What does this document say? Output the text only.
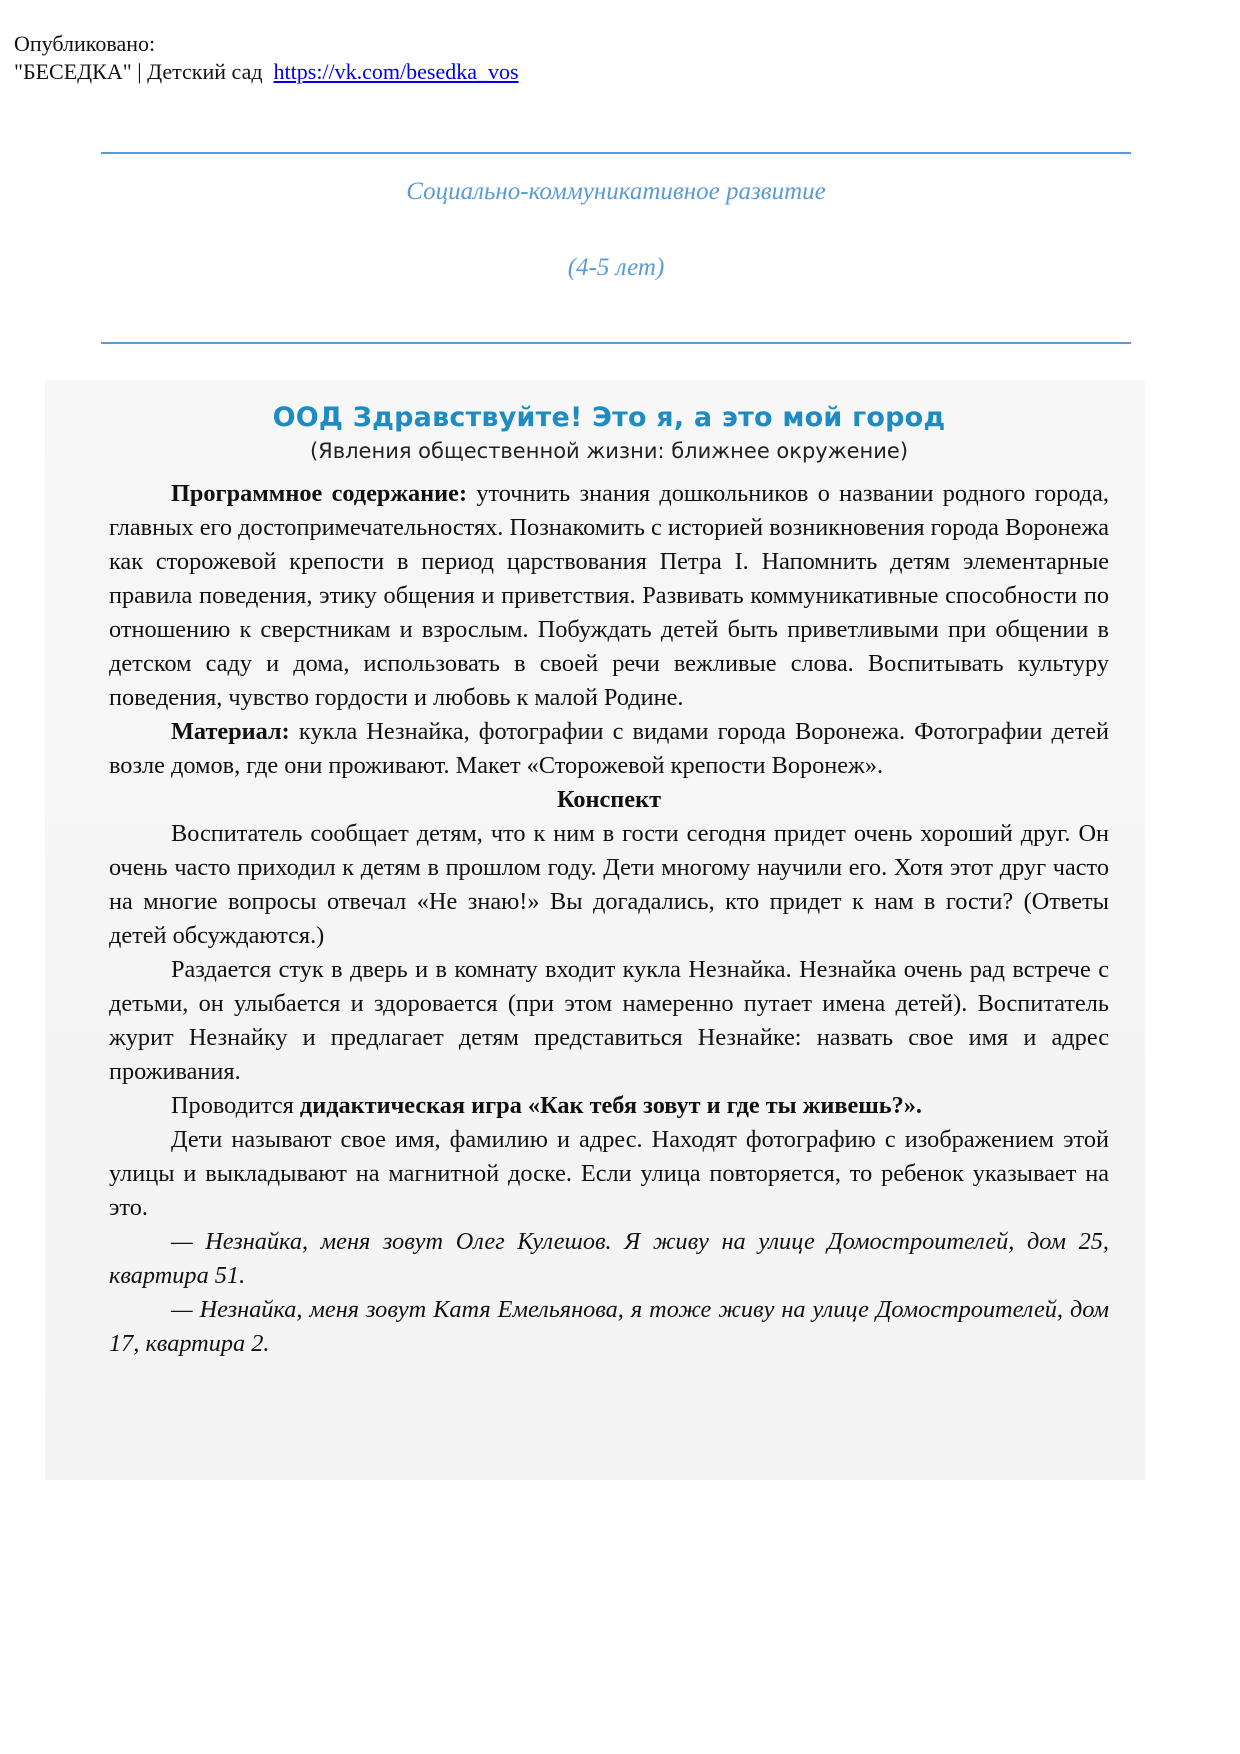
Опубликовано:
"БЕСЕДКА" | Детский сад https://vk.com/besedka_vos
Социально-коммуникативное развитие
(4-5 лет)
ООД Здравствуйте! Это я, а это мой город
(Явления общественной жизни: ближнее окружение)

Программное содержание: уточнить знания дошкольников о названии родного города, главных его достопримечательностях. Познакомить с историей возникновения города Воронежа как сторожевой крепости в период царствования Петра I. Напомнить детям элементарные правила поведения, этику общения и приветствия. Развивать коммуникативные способности по отношению к сверстникам и взрослым. Побуждать детей быть приветливыми при общении в детском саду и дома, использовать в своей речи вежливые слова. Воспитывать культуру поведения, чувство гордости и любовь к малой Родине.

Материал: кукла Незнайка, фотографии с видами города Воронежа. Фотографии детей возле домов, где они проживают. Макет «Сторожевой крепости Воронеж».

Конспект

Воспитатель сообщает детям, что к ним в гости сегодня придет очень хороший друг. Он очень часто приходил к детям в прошлом году. Дети многому научили его. Хотя этот друг часто на многие вопросы отвечал «Не знаю!» Вы догадались, кто придет к нам в гости? (Ответы детей обсуждаются.)

Раздается стук в дверь и в комнату входит кукла Незнайка. Незнайка очень рад встрече с детьми, он улыбается и здоровается (при этом намеренно путает имена детей). Воспитатель журит Незнайку и предлагает детям представиться Незнайке: назвать свое имя и адрес проживания.

Проводится дидактическая игра «Как тебя зовут и где ты живешь?».

Дети называют свое имя, фамилию и адрес. Находят фотографию с изображением этой улицы и выкладывают на магнитной доске. Если улица повторяется, то ребенок указывает на это.

— Незнайка, меня зовут Олег Кулешов. Я живу на улице Домостроителей, дом 25, квартира 51.

— Незнайка, меня зовут Катя Емельянова, я тоже живу на улице Домостроителей, дом 17, квартира 2.
